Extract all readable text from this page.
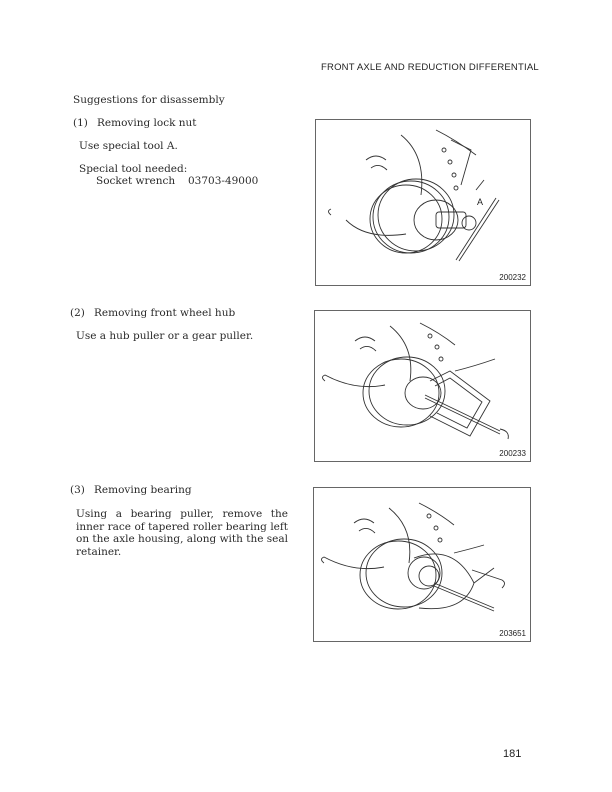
FRONT AXLE AND REDUCTION DIFFERENTIAL
Suggestions for disassembly
(1) Removing lock nut
Use special tool A.
Special tool needed:
Socket wrench 03703-49000
A
200232
(2) Removing front wheel hub
Use a hub puller or a gear puller.
200233
(3) Removing bearing
Using a bearing puller, remove the inner race of tapered roller bearing left on the axle housing, along with the seal retainer.
203651
181
